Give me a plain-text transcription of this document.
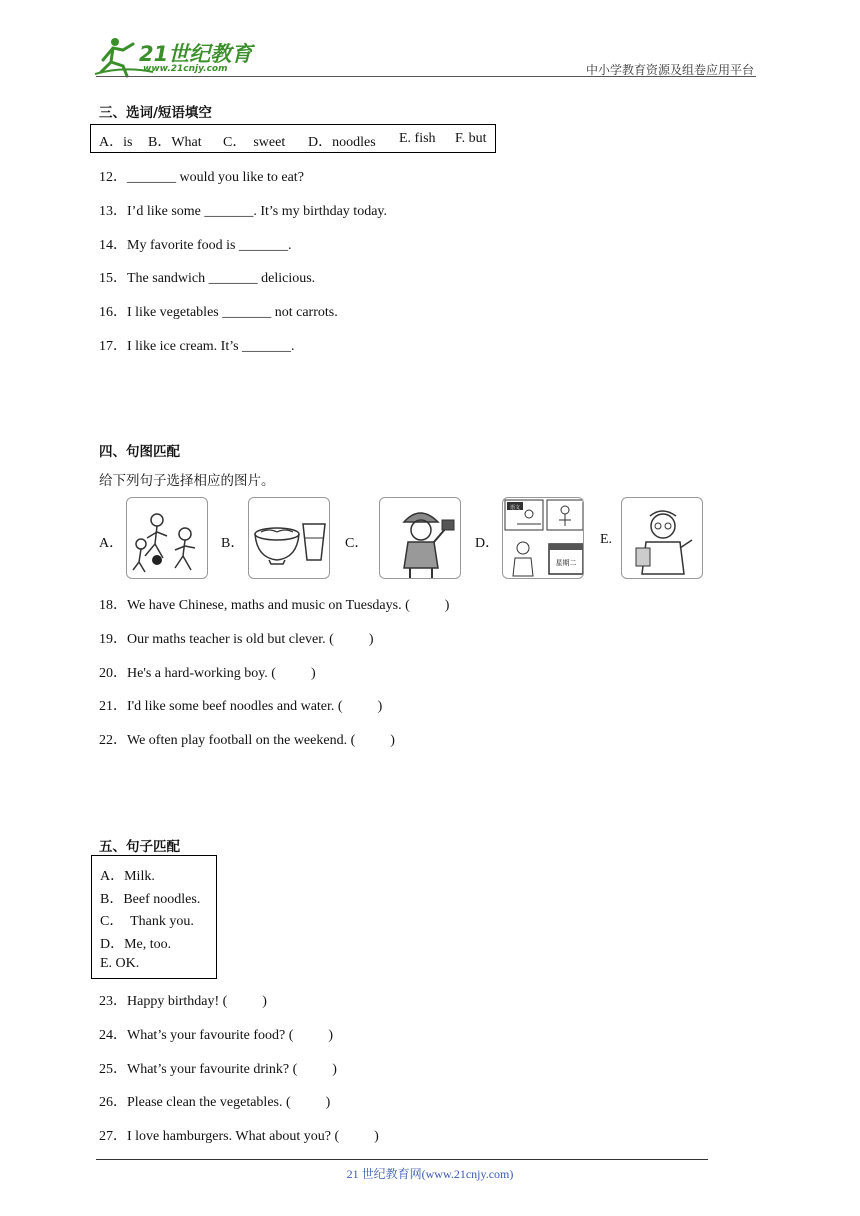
21世纪教育
www.21cnjy.com	中小学教育资源及组卷应用平台
三、选词/短语填空
A．is B．What C．  sweet D．noodles E. fish F. but
12．_______ would you like to eat?
13．I’d like some _______. It’s my birthday today.
14．My favorite food is _______.
15．The sandwich _______ delicious.
16．I like vegetables _______ not carrots.
17．I like ice cream. It’s _______.
四、句图匹配
给下列句子选择相应的图片。
A．	B．	C．	D．
语文
星期二
E.
18．We have Chinese, maths and music on Tuesdays. (          )
19．Our maths teacher is old but clever. (          )
20．He's a hard-working boy. (          )
21．I'd like some beef noodles and water. (          )
22．We often play football on the weekend. (          )
五、句子匹配
A．Milk.
B．Beef noodles.
C．  Thank you.
D．Me, too.
E. OK.
23．Happy birthday! (          )
24．What’s your favourite food? (          )
25．What’s your favourite drink? (          )
26．Please clean the vegetables. (          )
27．I love hamburgers. What about you? (          )
21 世纪教育网(www.21cnjy.com)
